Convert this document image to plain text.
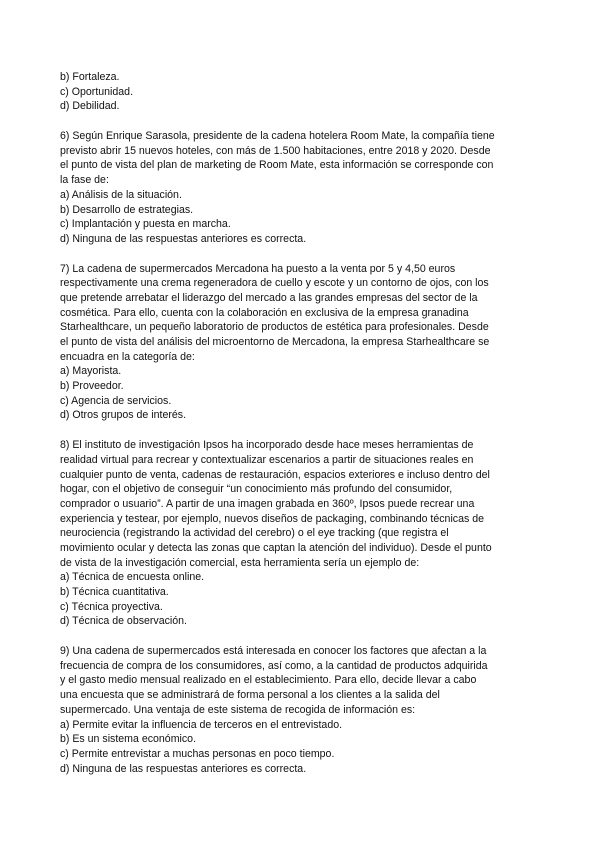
b) Fortaleza.
c) Oportunidad.
d) Debilidad.
6) Según Enrique Sarasola, presidente de la cadena hotelera Room Mate, la compañía tiene
previsto abrir 15 nuevos hoteles, con más de 1.500 habitaciones, entre 2018 y 2020. Desde
el punto de vista del plan de marketing de Room Mate, esta información se corresponde con
la fase de:
a) Análisis de la situación.
b) Desarrollo de estrategias.
c) Implantación y puesta en marcha.
d) Ninguna de las respuestas anteriores es correcta.
7) La cadena de supermercados Mercadona ha puesto a la venta por 5 y 4,50 euros
respectivamente una crema regeneradora de cuello y escote y un contorno de ojos, con los
que pretende arrebatar el liderazgo del mercado a las grandes empresas del sector de la
cosmética. Para ello, cuenta con la colaboración en exclusiva de la empresa granadina
Starhealthcare, un pequeño laboratorio de productos de estética para profesionales. Desde
el punto de vista del análisis del microentorno de Mercadona, la empresa Starhealthcare se
encuadra en la categoría de:
a) Mayorista.
b) Proveedor.
c) Agencia de servicios.
d) Otros grupos de interés.
8) El instituto de investigación Ipsos ha incorporado desde hace meses herramientas de
realidad virtual para recrear y contextualizar escenarios a partir de situaciones reales en
cualquier punto de venta, cadenas de restauración, espacios exteriores e incluso dentro del
hogar, con el objetivo de conseguir “un conocimiento más profundo del consumidor,
comprador o usuario”. A partir de una imagen grabada en 360º, Ipsos puede recrear una
experiencia y testear, por ejemplo, nuevos diseños de packaging, combinando técnicas de
neurociencia (registrando la actividad del cerebro) o el eye tracking (que registra el
movimiento ocular y detecta las zonas que captan la atención del individuo). Desde el punto
de vista de la investigación comercial, esta herramienta sería un ejemplo de:
a) Técnica de encuesta online.
b) Técnica cuantitativa.
c) Técnica proyectiva.
d) Técnica de observación.
9) Una cadena de supermercados está interesada en conocer los factores que afectan a la
frecuencia de compra de los consumidores, así como, a la cantidad de productos adquirida
y el gasto medio mensual realizado en el establecimiento. Para ello, decide llevar a cabo
una encuesta que se administrará de forma personal a los clientes a la salida del
supermercado. Una ventaja de este sistema de recogida de información es:
a) Permite evitar la influencia de terceros en el entrevistado.
b) Es un sistema económico.
c) Permite entrevistar a muchas personas en poco tiempo.
d) Ninguna de las respuestas anteriores es correcta.
